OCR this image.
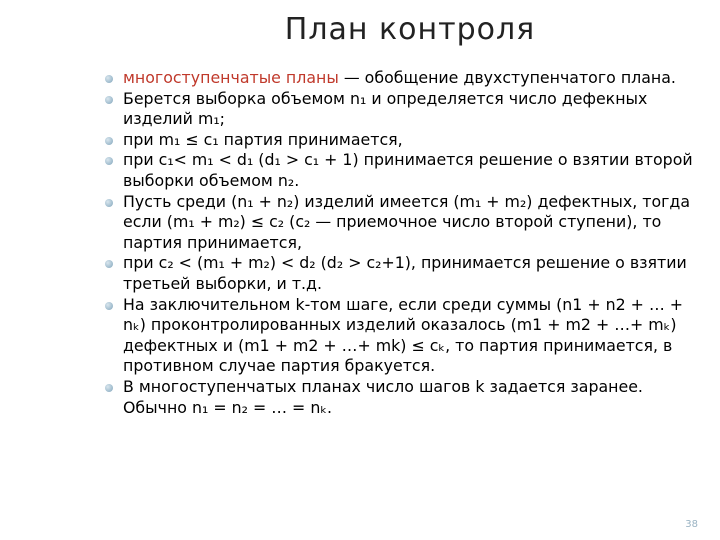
План контроля
многоступенчатые планы — обобщение двухступенчатого плана.
Берется выборка объемом n₁ и определяется число дефекных изделий m₁;
при m₁ ≤ c₁ партия принимается,
при c₁< m₁ < d₁ (d₁ > c₁ + 1) принимается решение о взятии второй выборки объемом n₂.
Пусть среди (n₁ + n₂) изделий имеется (m₁ + m₂) дефектных, тогда если (m₁ + m₂) ≤ c₂ (c₂ — приемочное число второй ступени), то партия принимается,
при c₂ < (m₁ + m₂) < d₂ (d₂ > c₂+1), принимается решение о взятии третьей выборки, и т.д.
На заключительном k-том шаге, если среди суммы (n1 + n2 + … + nₖ) проконтролированных изделий оказалось (m1 + m2 + …+ mₖ) дефектных и (m1 + m2 + …+ mk) ≤ cₖ, то партия принимается, в противном случае партия бракуется.
В многоступенчатых планах число шагов k задается заранее. Обычно n₁ = n₂ = … = nₖ.
38
